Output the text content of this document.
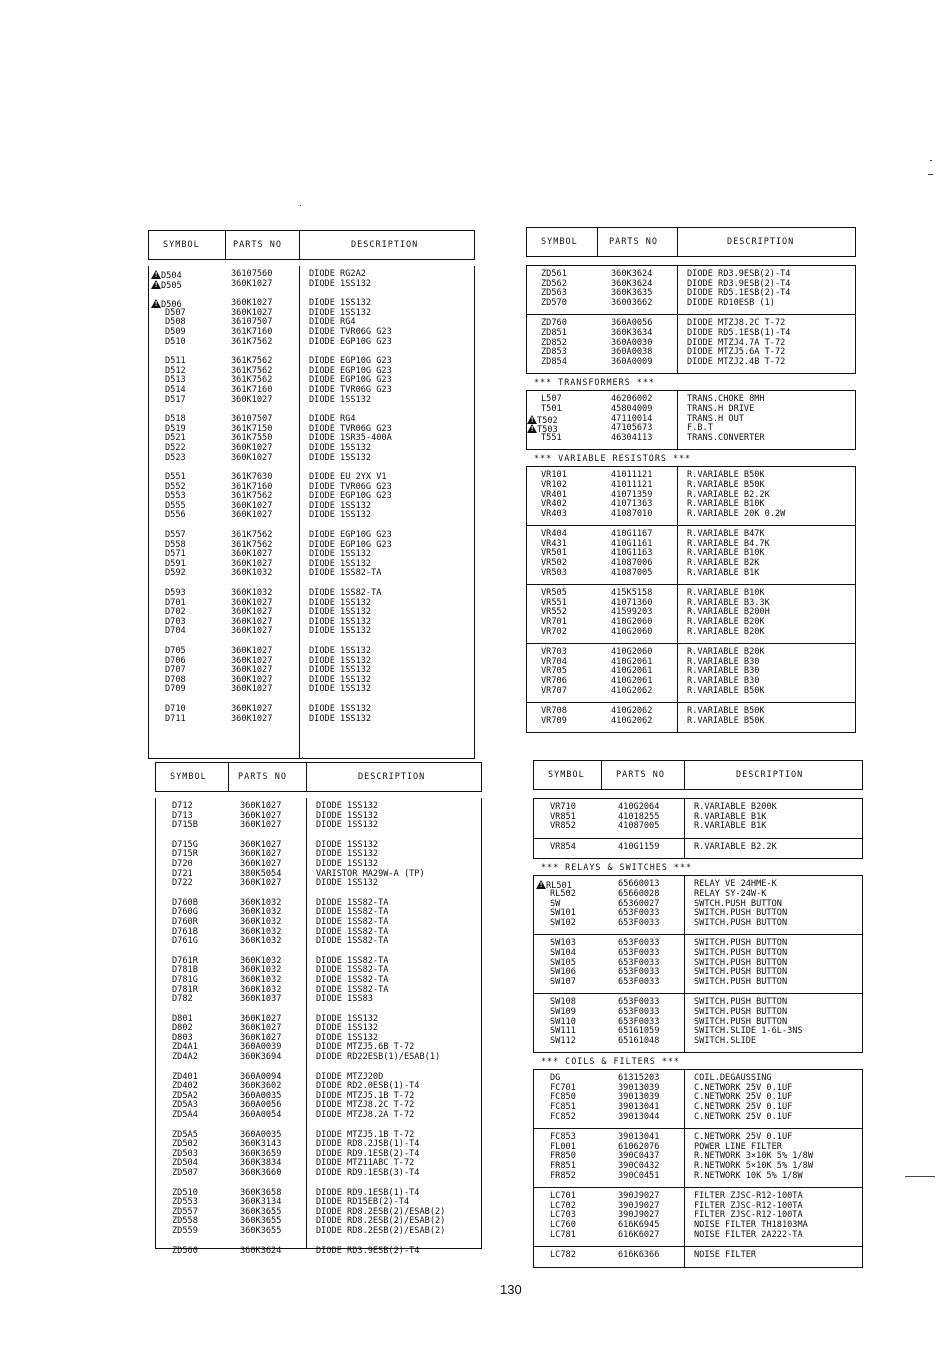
SYMBOL	PARTS NO	DESCRIPTION
!D504	36107560	DIODE RG2A2
!D505	360K1027	DIODE 1SS132
!D506	360K1027	DIODE 1SS132
D507	360K1027	DIODE 1SS132
D508	36107507	DIODE RG4
D509	361K7160	DIODE TVR06G G23
D510	361K7562	DIODE EGP10G G23
D511	361K7562	DIODE EGP10G G23
D512	361K7562	DIODE EGP10G G23
D513	361K7562	DIODE EGP10G G23
D514	361K7160	DIODE TVR06G G23
D517	360K1027	DIODE 1SS132
D518	36107507	DIODE RG4
D519	361K7150	DIODE TVR06G G23
D521	361K7550	DIODE 1SR35-400A
D522	360K1027	DIODE 1SS132
D523	360K1027	DIODE 1SS132
D551	361K7630	DIODE EU 2YX V1
D552	361K7160	DIODE TVR06G G23
D553	361K7562	DIODE EGP10G G23
D555	360K1027	DIODE 1SS132
D556	360K1027	DIODE 1SS132
D557	361K7562	DIODE EGP10G G23
D558	361K7562	DIODE EGP10G G23
D571	360K1027	DIODE 1SS132
D591	360K1027	DIODE 1SS132
D592	360K1032	DIODE 1SS82-TA
D593	360K1032	DIODE 1SS82-TA
D701	360K1027	DIODE 1SS132
D702	360K1027	DIODE 1SS132
D703	360K1027	DIODE 1SS132
D704	360K1027	DIODE 1SS132
D705	360K1027	DIODE 1SS132
D706	360K1027	DIODE 1SS132
D707	360K1027	DIODE 1SS132
D708	360K1027	DIODE 1SS132
D709	360K1027	DIODE 1SS132
D710	360K1027	DIODE 1SS132
D711	360K1027	DIODE 1SS132
SYMBOL	PARTS NO	DESCRIPTION
ZD561	360K3624	DIODE RD3.9ESB(2)-T4
ZD562	360K3624	DIODE RD3.9ESB(2)-T4
ZD563	360K3635	DIODE RD5.1ESB(2)-T4
ZD570	36003662	DIODE RD10ESB (1)
ZD760	360A0056	DIODE MTZJ8.2C T-72
ZD851	360K3634	DIODE RD5.1ESB(1)-T4
ZD852	360A0030	DIODE MTZJ4.7A T-72
ZD853	360A0038	DIODE MTZJ5.6A T-72
ZD854	360A0009	DIODE MTZJ2.4B T-72
*** TRANSFORMERS ***
L507	46206002	TRANS.CHOKE 8MH
T501	45804009	TRANS.H DRIVE
!T502	47110014	TRANS.H OUT
!T503	47105673	F.B.T
T551	46304113	TRANS.CONVERTER
*** VARIABLE RESISTORS ***
VR101	41011121	R.VARIABLE B50K
VR102	41011121	R.VARIABLE B50K
VR401	41071359	R.VARIABLE B2.2K
VR402	41071363	R.VARIABLE B10K
VR403	41087010	R.VARIABLE 20K 0.2W
VR404	410G1167	R.VARIABLE B47K
VR431	410G1161	R.VARIABLE B4.7K
VR501	410G1163	R.VARIABLE B10K
VR502	41087006	R.VARIABLE B2K
VR503	41087005	R.VARIABLE B1K
VR505	415K5158	R.VARIABLE B10K
VR551	41071360	R.VARIABLE B3.3K
VR552	41599203	R.VARIABLE B200H
VR701	410G2060	R.VARIABLE B20K
VR702	410G2060	R.VARIABLE B20K
VR703	410G2060	R.VARIABLE B20K
VR704	410G2061	R.VARIABLE B30
VR705	410G2061	R.VARIABLE B30
VR706	410G2061	R.VARIABLE B30
VR707	410G2062	R.VARIABLE B50K
VR708	410G2062	R.VARIABLE B50K
VR709	410G2062	R.VARIABLE B50K
SYMBOL	PARTS NO	DESCRIPTION
D712	360K1027	DIODE 1SS132
D713	360K1027	DIODE 1SS132
D715B	360K1027	DIODE 1SS132
D715G	360K1027	DIODE 1SS132
D715R	360K1027	DIODE 1SS132
D720	360K1027	DIODE 1SS132
D721	380K5054	VARISTOR MA29W-A (TP)
D722	360K1027	DIODE 1SS132
D760B	360K1032	DIODE 1SS82-TA
D760G	360K1032	DIODE 1SS82-TA
D760R	360K1032	DIODE 1SS82-TA
D761B	360K1032	DIODE 1SS82-TA
D761G	360K1032	DIODE 1SS82-TA
D761R	360K1032	DIODE 1SS82-TA
D781B	360K1032	DIODE 1SS82-TA
D781G	360K1032	DIODE 1SS82-TA
D781R	360K1032	DIODE 1SS82-TA
D782	360K1037	DIODE 1SS83
D801	360K1027	DIODE 1SS132
D802	360K1027	DIODE 1SS132
D803	360K1027	DIODE 1SS132
ZD4A1	360A0039	DIODE MTZJ5.6B T-72
ZD4A2	360K3694	DIODE RD22ESB(1)/ESAB(1)
ZD401	360A0094	DIODE MTZJ20D
ZD402	360K3602	DIODE RD2.0ESB(1)-T4
ZD5A2	360A0035	DIODE MTZJ5.1B T-72
ZD5A3	360A0056	DIODE MTZJ8.2C T-72
ZD5A4	360A0054	DIODE MTZJ8.2A T-72
ZD5A5	360A0035	DIODE MTZJ5.1B T-72
ZD502	360K3143	DIODE RD8.2JSB(1)-T4
ZD503	360K3659	DIODE RD9.1ESB(2)-T4
ZD504	360K3834	DIODE MTZ11ABC T-72
ZD507	360K3660	DIODE RD9.1ESB(3)-T4
ZD510	360K3658	DIODE RD9.1ESB(1)-T4
ZD553	360K3134	DIODE RD15EB(2)-T4
ZD557	360K3655	DIODE RD8.2ESB(2)/ESAB(2)
ZD558	360K3655	DIODE RD8.2ESB(2)/ESAB(2)
ZD559	360K3655	DIODE RD8.2ESB(2)/ESAB(2)
ZD560	360K3624	DIODE RD3.9ESB(2)-T4
SYMBOL	PARTS NO	DESCRIPTION
VR710	410G2064	R.VARIABLE B200K
VR851	41018255	R.VARIABLE B1K
VR852	41087005	R.VARIABLE B1K
VR854	410G1159	R.VARIABLE B2.2K
*** RELAYS & SWITCHES ***
!RL501	65660013	RELAY VE 24HME-K
RL502	65660028	RELAY SY-24W-K
SW	65360027	SWTCH.PUSH BUTTON
SW101	653F0033	SWITCH.PUSH BUTTON
SW102	653F0033	SWITCH.PUSH BUTTON
SW103	653F0033	SWITCH.PUSH BUTTON
SW104	653F0033	SWITCH.PUSH BUTTON
SW105	653F0033	SWITCH.PUSH BUTTON
SW106	653F0033	SWITCH.PUSH BUTTON
SW107	653F0033	SWITCH.PUSH BUTTON
SW108	653F0033	SWITCH.PUSH BUTTON
SW109	653F0033	SWITCH.PUSH BUTTON
SW110	653F0033	SWITCH.PUSH BUTTON
SW111	65161059	SWITCH.SLIDE 1-6L-3NS
SW112	65161048	SWITCH.SLIDE
*** COILS & FILTERS ***
DG	61315203	COIL.DEGAUSSING
FC701	39013039	C.NETWORK 25V 0.1UF
FC850	39013039	C.NETWORK 25V 0.1UF
FC851	39013041	C.NETWORK 25V 0.1UF
FC852	39013044	C.NETWORK 25V 0.1UF
FC853	39013041	C.NETWORK 25V 0.1UF
FL001	61062076	POWER LINE FILTER
FR850	390C0437	R.NETWORK 3×10K 5% 1/8W
FR851	390C0432	R.NETWORK 5×10K 5% 1/8W
FR852	390C0451	R.NETWORK 10K 5% 1/8W
LC701	390J9027	FILTER ZJSC-R12-100TA
LC702	390J9027	FILTER ZJSC-R12-100TA
LC703	390J9027	FILTER ZJSC-R12-100TA
LC760	616K6945	NOISE FILTER TH18103MA
LC781	616K6027	NOISE FILTER 2A222-TA
LC782	616K6366	NOISE FILTER
130
